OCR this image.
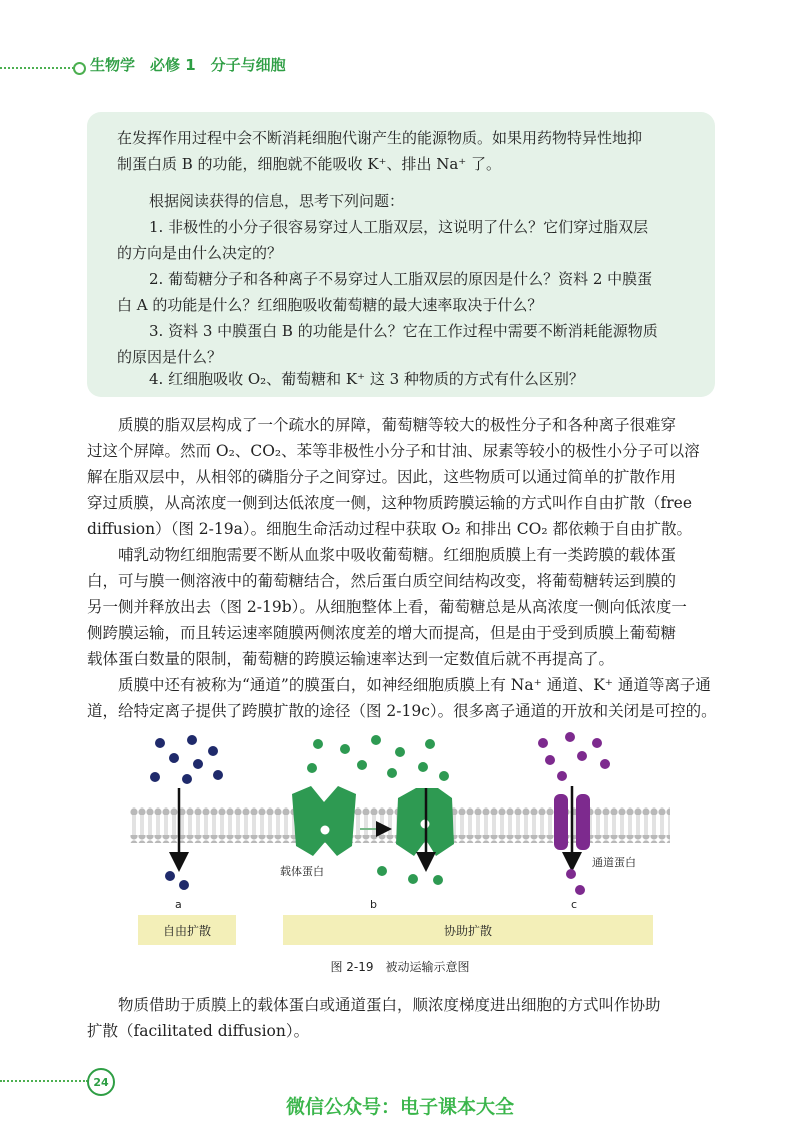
生物学　必修 1　分子与细胞

在发挥作用过程中会不断消耗细胞代谢产生的能源物质。如果用药物特异性地抑

制蛋白质 B 的功能，细胞就不能吸收 K⁺、排出 Na⁺ 了。

根据阅读获得的信息，思考下列问题：

1. 非极性的小分子很容易穿过人工脂双层，这说明了什么？它们穿过脂双层

的方向是由什么决定的？

2. 葡萄糖分子和各种离子不易穿过人工脂双层的原因是什么？资料 2 中膜蛋

白 A 的功能是什么？红细胞吸收葡萄糖的最大速率取决于什么？

3. 资料 3 中膜蛋白 B 的功能是什么？它在工作过程中需要不断消耗能源物质

的原因是什么？

4. 红细胞吸收 O₂、葡萄糖和 K⁺ 这 3 种物质的方式有什么区别？

质膜的脂双层构成了一个疏水的屏障，葡萄糖等较大的极性分子和各种离子很难穿

过这个屏障。然而 O₂、CO₂、苯等非极性小分子和甘油、尿素等较小的极性小分子可以溶

解在脂双层中，从相邻的磷脂分子之间穿过。因此，这些物质可以通过简单的扩散作用

穿过质膜，从高浓度一侧到达低浓度一侧，这种物质跨膜运输的方式叫作自由扩散（free

diffusion）（图 2-19a）。细胞生命活动过程中获取 O₂ 和排出 CO₂ 都依赖于自由扩散。

哺乳动物红细胞需要不断从血浆中吸收葡萄糖。红细胞质膜上有一类跨膜的载体蛋

白，可与膜一侧溶液中的葡萄糖结合，然后蛋白质空间结构改变，将葡萄糖转运到膜的

另一侧并释放出去（图 2-19b）。从细胞整体上看，葡萄糖总是从高浓度一侧向低浓度一

侧跨膜运输，而且转运速率随膜两侧浓度差的增大而提高，但是由于受到质膜上葡萄糖

载体蛋白数量的限制，葡萄糖的跨膜运输速率达到一定数值后就不再提高了。

质膜中还有被称为“通道”的膜蛋白，如神经细胞质膜上有 Na⁺ 通道、K⁺ 通道等离子通

道，给特定离子提供了跨膜扩散的途径（图 2-19c）。很多离子通道的开放和关闭是可控的。

载体蛋白
通道蛋白
a	b	c
自由扩散	协助扩散
图 2-19　被动运输示意图

物质借助于质膜上的载体蛋白或通道蛋白，顺浓度梯度进出细胞的方式叫作协助

扩散（facilitated diffusion）。

24
微信公众号：电子课本大全
